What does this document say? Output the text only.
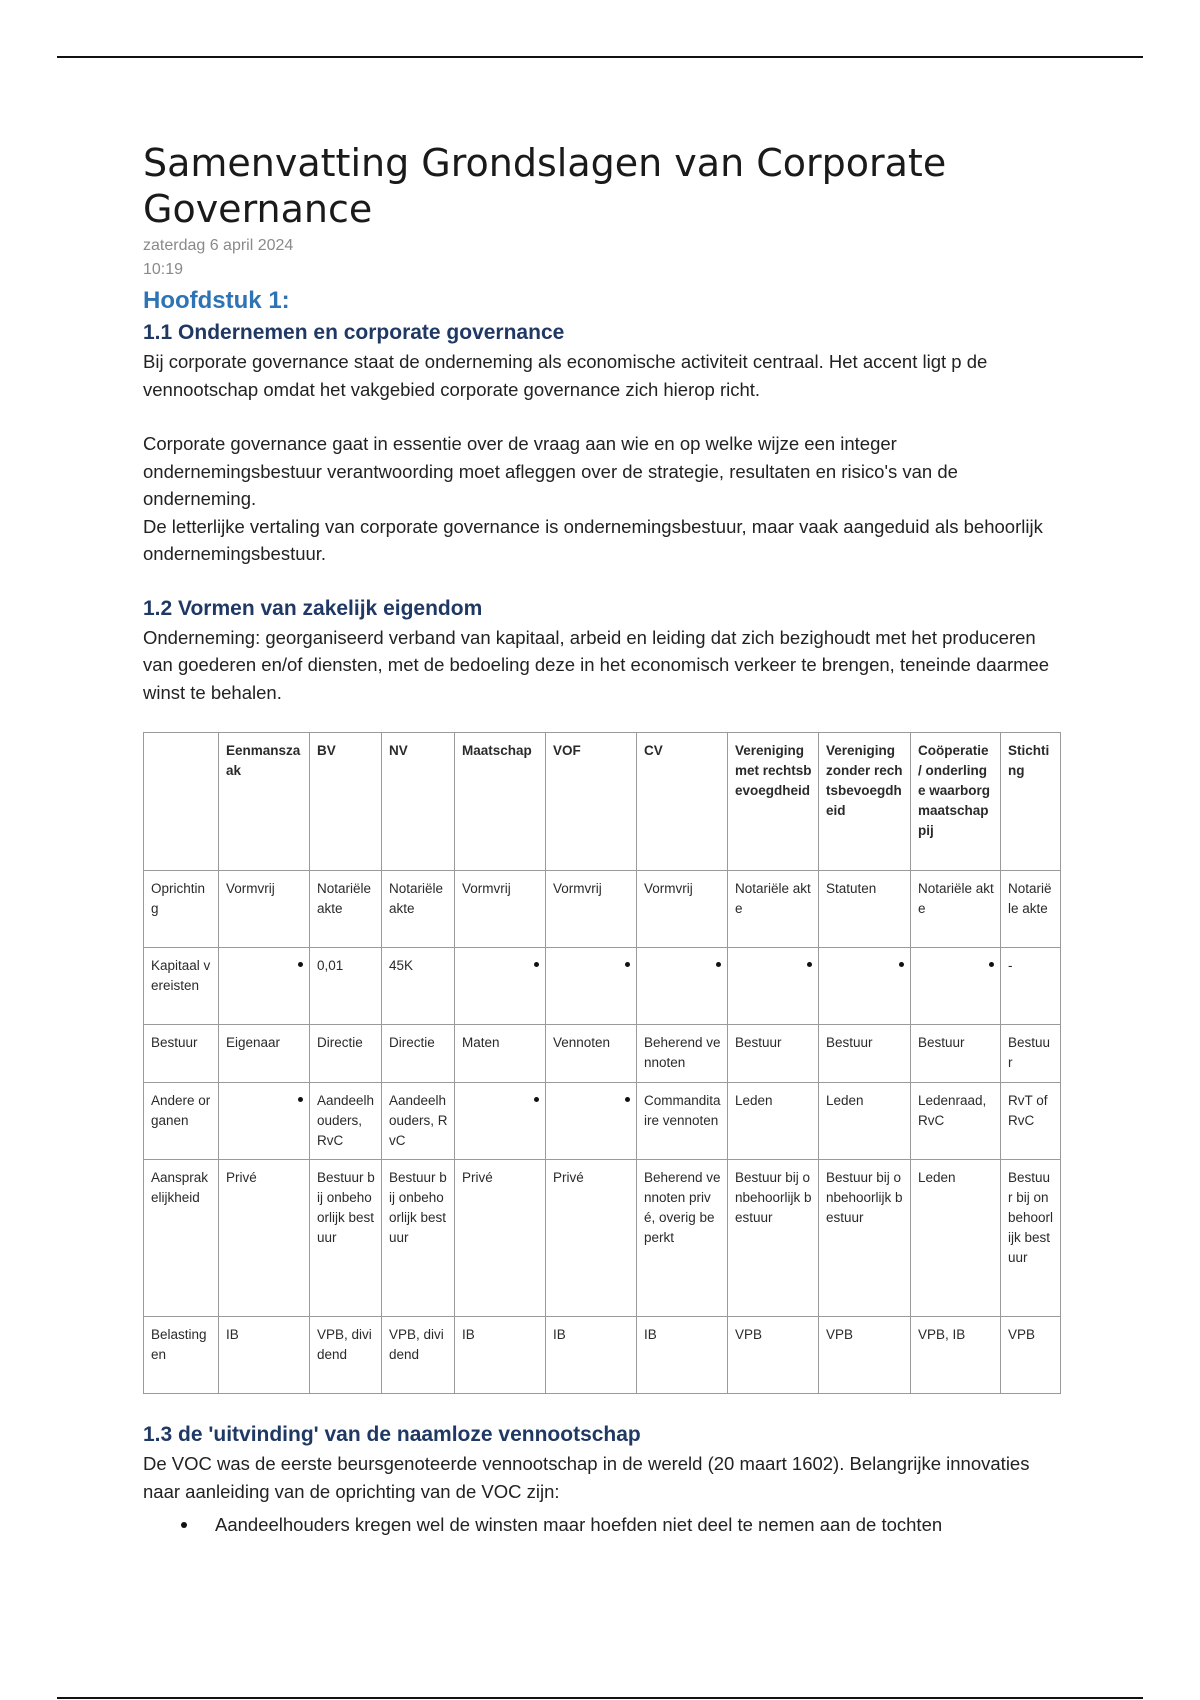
Samenvatting Grondslagen van Corporate Governance
zaterdag 6 april 2024
10:19
Hoofdstuk 1:
1.1 Ondernemen en corporate governance

Bij corporate governance staat de onderneming als economische activiteit centraal. Het accent ligt p de vennootschap omdat het vakgebied corporate governance zich hierop richt.

Corporate governance gaat in essentie over de vraag aan wie en op welke wijze een integer ondernemingsbestuur verantwoording moet afleggen over de strategie, resultaten en risico's van de onderneming.

De letterlijke vertaling van corporate governance is ondernemingsbestuur, maar vaak aangeduid als behoorlijk ondernemingsbestuur.

1.2 Vormen van zakelijk eigendom

Onderneming: georganiseerd verband van kapitaal, arbeid en leiding dat zich bezighoudt met het produceren van goederen en/of diensten, met de bedoeling deze in het economisch verkeer te brengen, teneinde daarmee winst te behalen.

	Eenmanszaak	BV	NV	Maatschap	VOF	CV	Vereniging met rechtsbevoegdheid	Vereniging zonder rechtsbevoegdheid	Coöperatie / onderlinge waarborg maatschappij	Stichting
Oprichting	Vormvrij	Notariële akte	Notariële akte	Vormvrij	Vormvrij	Vormvrij	Notariële akte	Statuten	Notariële akte	Notariële akte
Kapitaal vereisten		0,01	45K							-
Bestuur	Eigenaar	Directie	Directie	Maten	Vennoten	Beherend vennoten	Bestuur	Bestuur	Bestuur	Bestuur
Andere organen		Aandeelhouders, RvC	Aandeelhouders, RvC			Commanditaire vennoten	Leden	Leden	Ledenraad, RvC	RvT of RvC
Aansprakelijkheid	Privé	Bestuur bij onbehoorlijk bestuur	Bestuur bij onbehoorlijk bestuur	Privé	Privé	Beherend vennoten privé, overig beperkt	Bestuur bij onbehoorlijk bestuur	Bestuur bij onbehoorlijk bestuur	Leden	Bestuur bij onbehoorlijk bestuur
Belastingen	IB	VPB, dividend	VPB, dividend	IB	IB	IB	VPB	VPB	VPB, IB	VPB
1.3 de 'uitvinding' van de naamloze vennootschap

De VOC was de eerste beursgenoteerde vennootschap in de wereld (20 maart 1602). Belangrijke innovaties naar aanleiding van de oprichting van de VOC zijn:

Aandeelhouders kregen wel de winsten maar hoefden niet deel te nemen aan de tochten
